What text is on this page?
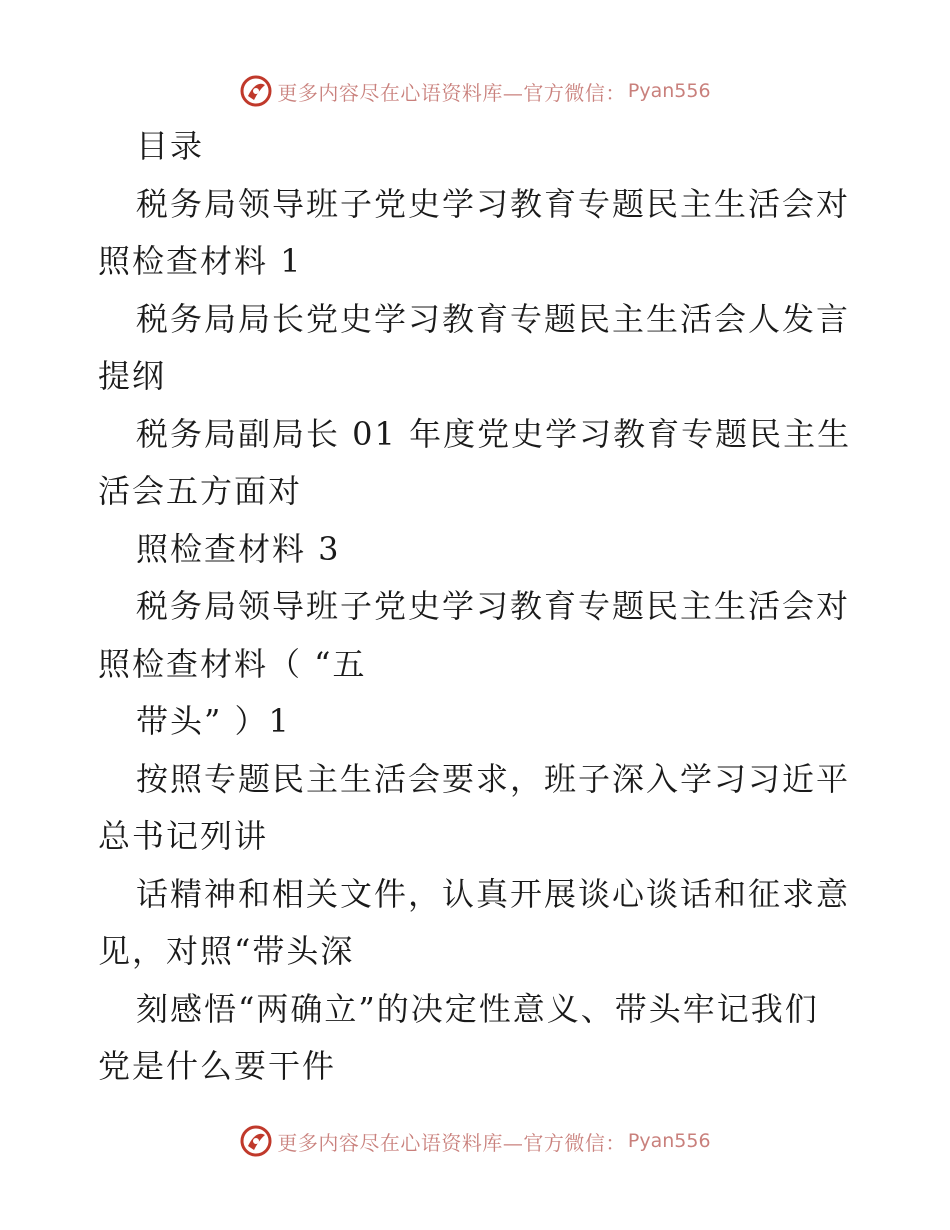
更多内容尽在心语资料库—官方微信： Pyan556

目录

税务局领导班子党史学习教育专题民主生活会对

照检查材料 1

税务局局长党史学习教育专题民主生活会人发言

提纲

税务局副局长 01 年度党史学习教育专题民主生

活会五方面对

照检查材料 3

税务局领导班子党史学习教育专题民主生活会对

照检查材料（ “五

带头” ）1

按照专题民主生活会要求，班子深入学习习近平

总书记列讲

话精神和相关文件，认真开展谈心谈话和征求意

见，对照“带头深

刻感悟“两确立”的决定性意义、带头牢记我们

党是什么要干件

更多内容尽在心语资料库—官方微信： Pyan556
